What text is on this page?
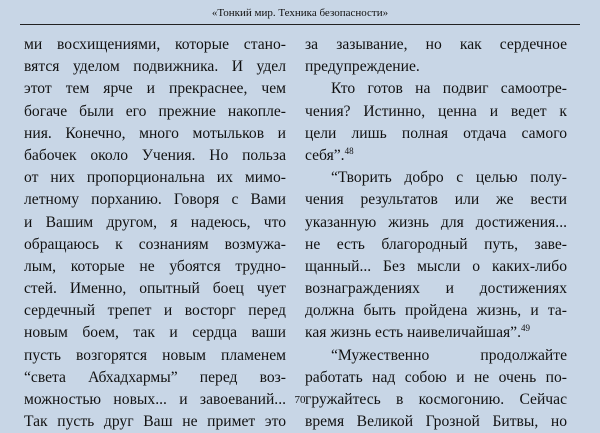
«Тонкий мир. Техника безопасности»
ми восхищениями, которые стано-
вятся уделом подвижника. И удел
этот тем ярче и прекраснее, чем
богаче были его прежние накопле-
ния. Конечно, много мотыльков и
бабочек около Учения. Но польза
от них пропорциональна их мимо-
летному порханию. Говоря с Вами
и Вашим другом, я надеюсь, что
обращаюсь к сознаниям возмужа-
лым, которые не убоятся трудно-
стей. Именно, опытный боец чует
сердечный трепет и восторг перед
новым боем, так и сердца ваши
пусть возгорятся новым пламенем
“света Абхадхармы” перед воз-
можностью новых... и завоеваний...
Так пусть друг Ваш не примет это
за зазывание, но как сердечное
предупреждение.
Кто готов на подвиг самоотре-
чения? Истинно, ценна и ведет к
цели лишь полная отдача самого
себя”.$^{48}$
“Творить добро с целью полу-
чения результатов или же вести
указанную жизнь для достижения...
не есть благородный путь, заве-
щанный... Без мысли о каких-либо
вознаграждениях и достижениях
должна быть пройдена жизнь, и та-
кая жизнь есть наивеличайшая”.$^{49}$
“Мужественно продолжайте
работать над собою и не очень по-
гружайтесь в космогонию. Сейчас
время Великой Грозной Битвы, но
70
